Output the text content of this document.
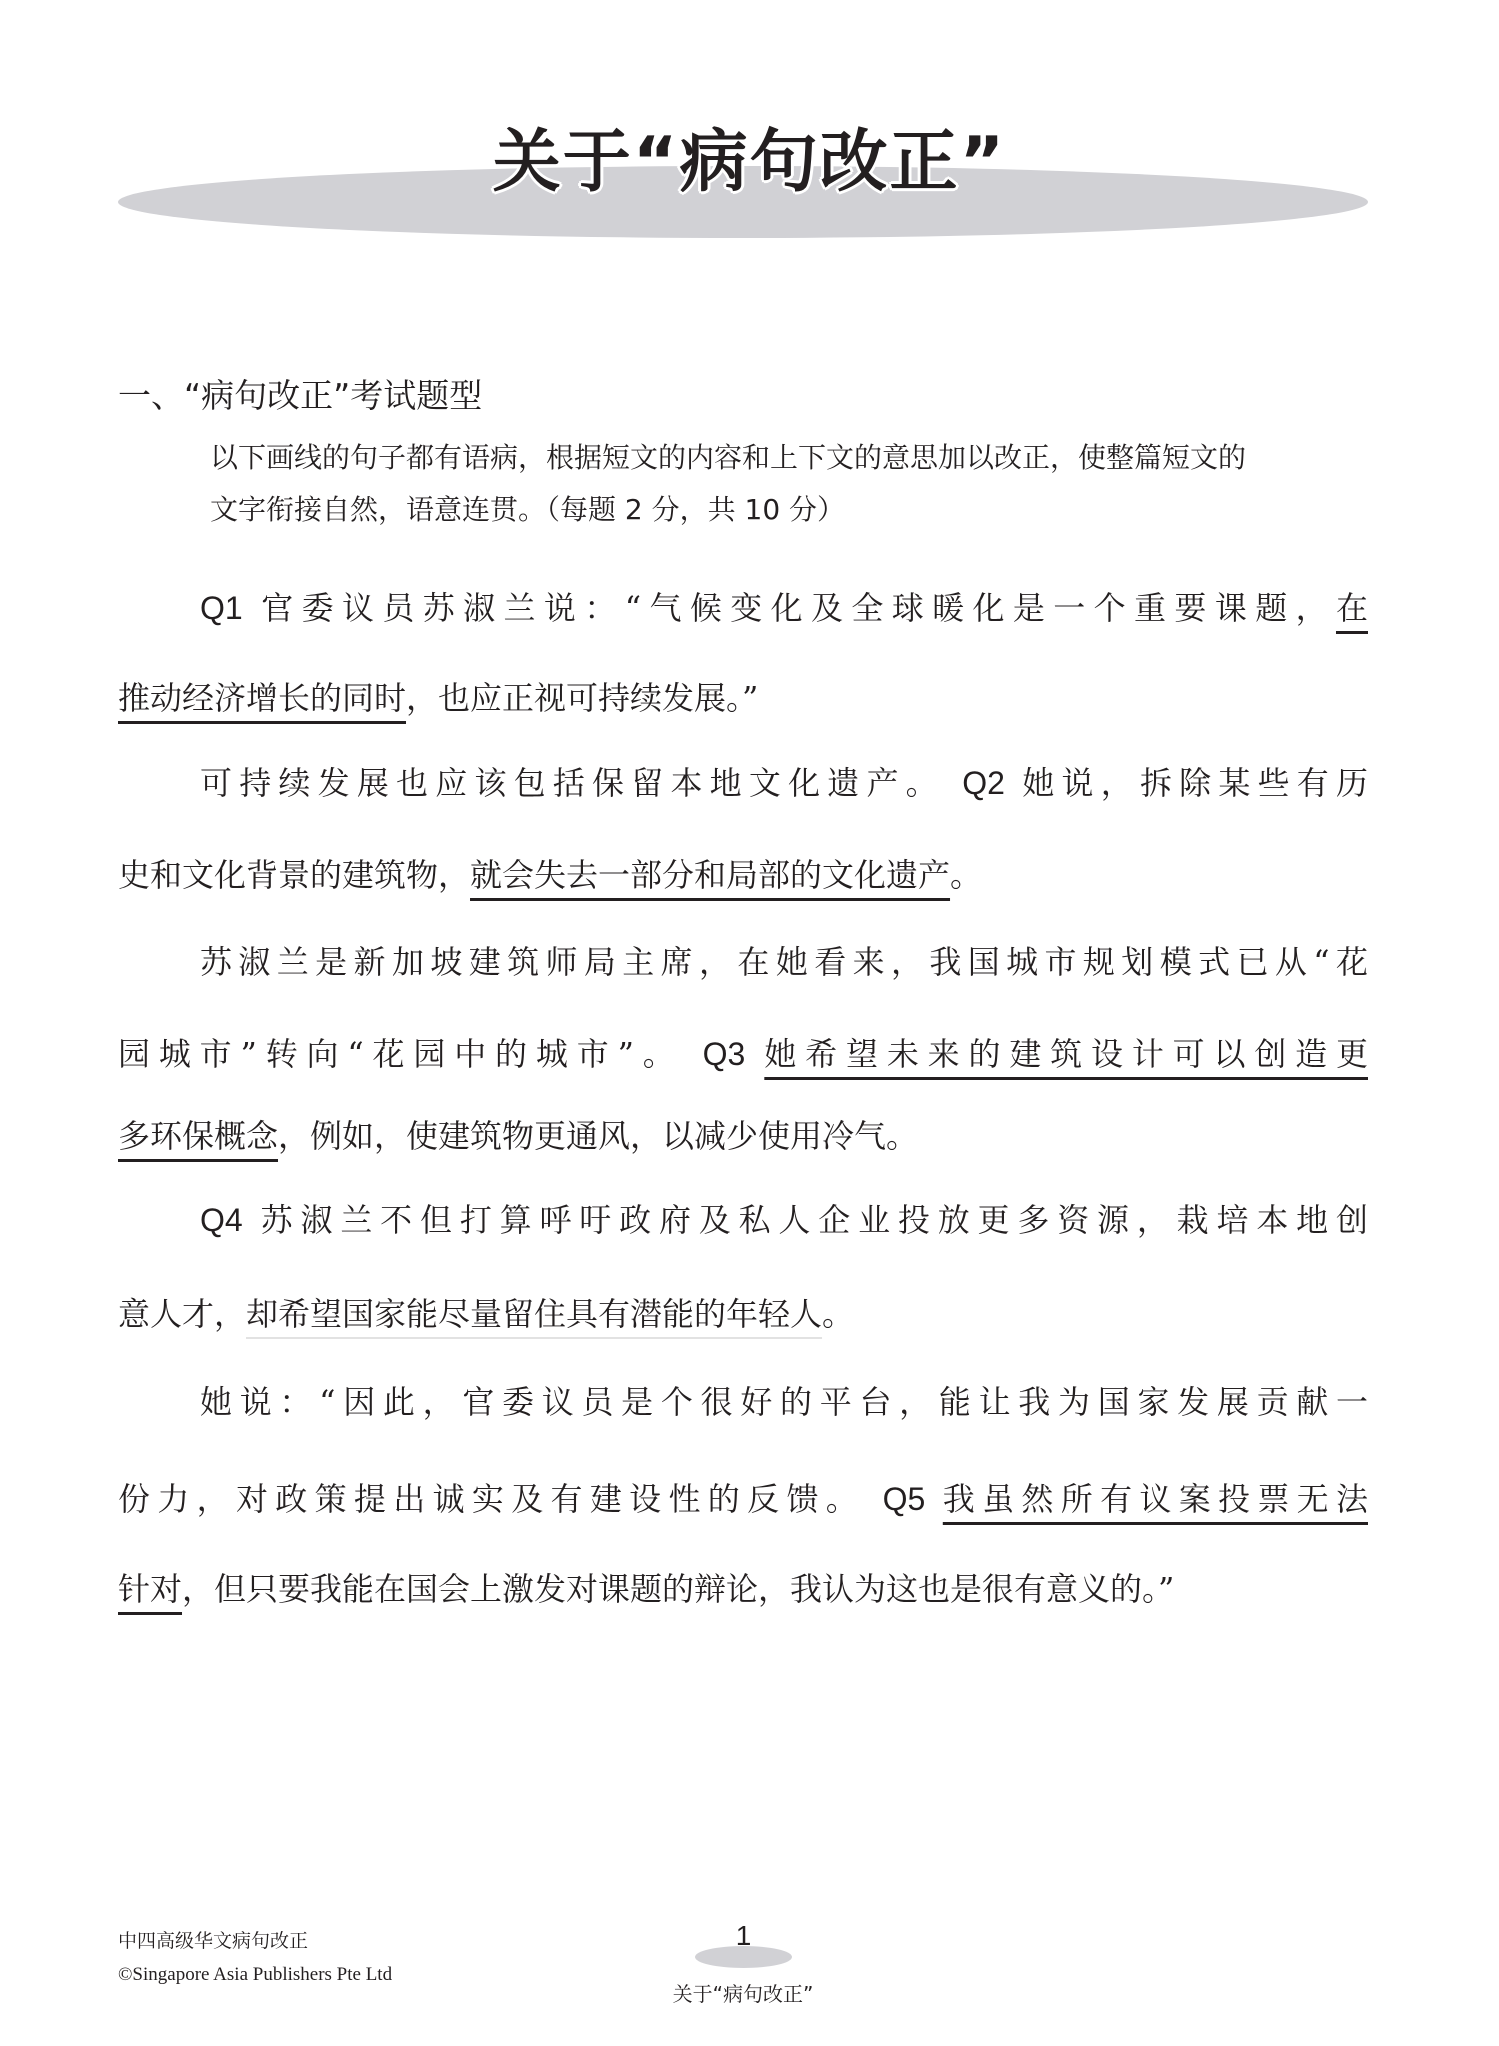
关于“病句改正”
一、“病句改正”考试题型
以下画线的句子都有语病，根据短文的内容和上下文的意思加以改正，使整篇短文的
文字衔接自然，语意连贯。（每题 2 分，共 10 分）
Q1 官委议员苏淑兰说：“气候变化及全球暖化是一个重要课题，在
推动经济增长的同时，也应正视可持续发展。”
可持续发展也应该包括保留本地文化遗产。 Q2 她说，拆除某些有历
史和文化背景的建筑物，就会失去一部分和局部的文化遗产。
苏淑兰是新加坡建筑师局主席，在她看来，我国城市规划模式已从“花
园城市”转向“花园中的城市”。 Q3 她希望未来的建筑设计可以创造更
多环保概念，例如，使建筑物更通风，以减少使用冷气。
Q4 苏淑兰不但打算呼吁政府及私人企业投放更多资源，栽培本地创
意人才，却希望国家能尽量留住具有潜能的年轻人。
她说：“因此，官委议员是个很好的平台，能让我为国家发展贡献一
份力，对政策提出诚实及有建设性的反馈。 Q5 我虽然所有议案投票无法
针对，但只要我能在国会上激发对课题的辩论，我认为这也是很有意义的。”
中四高级华文病句改正
©Singapore Asia Publishers Pte Ltd
1
关于“病句改正”
